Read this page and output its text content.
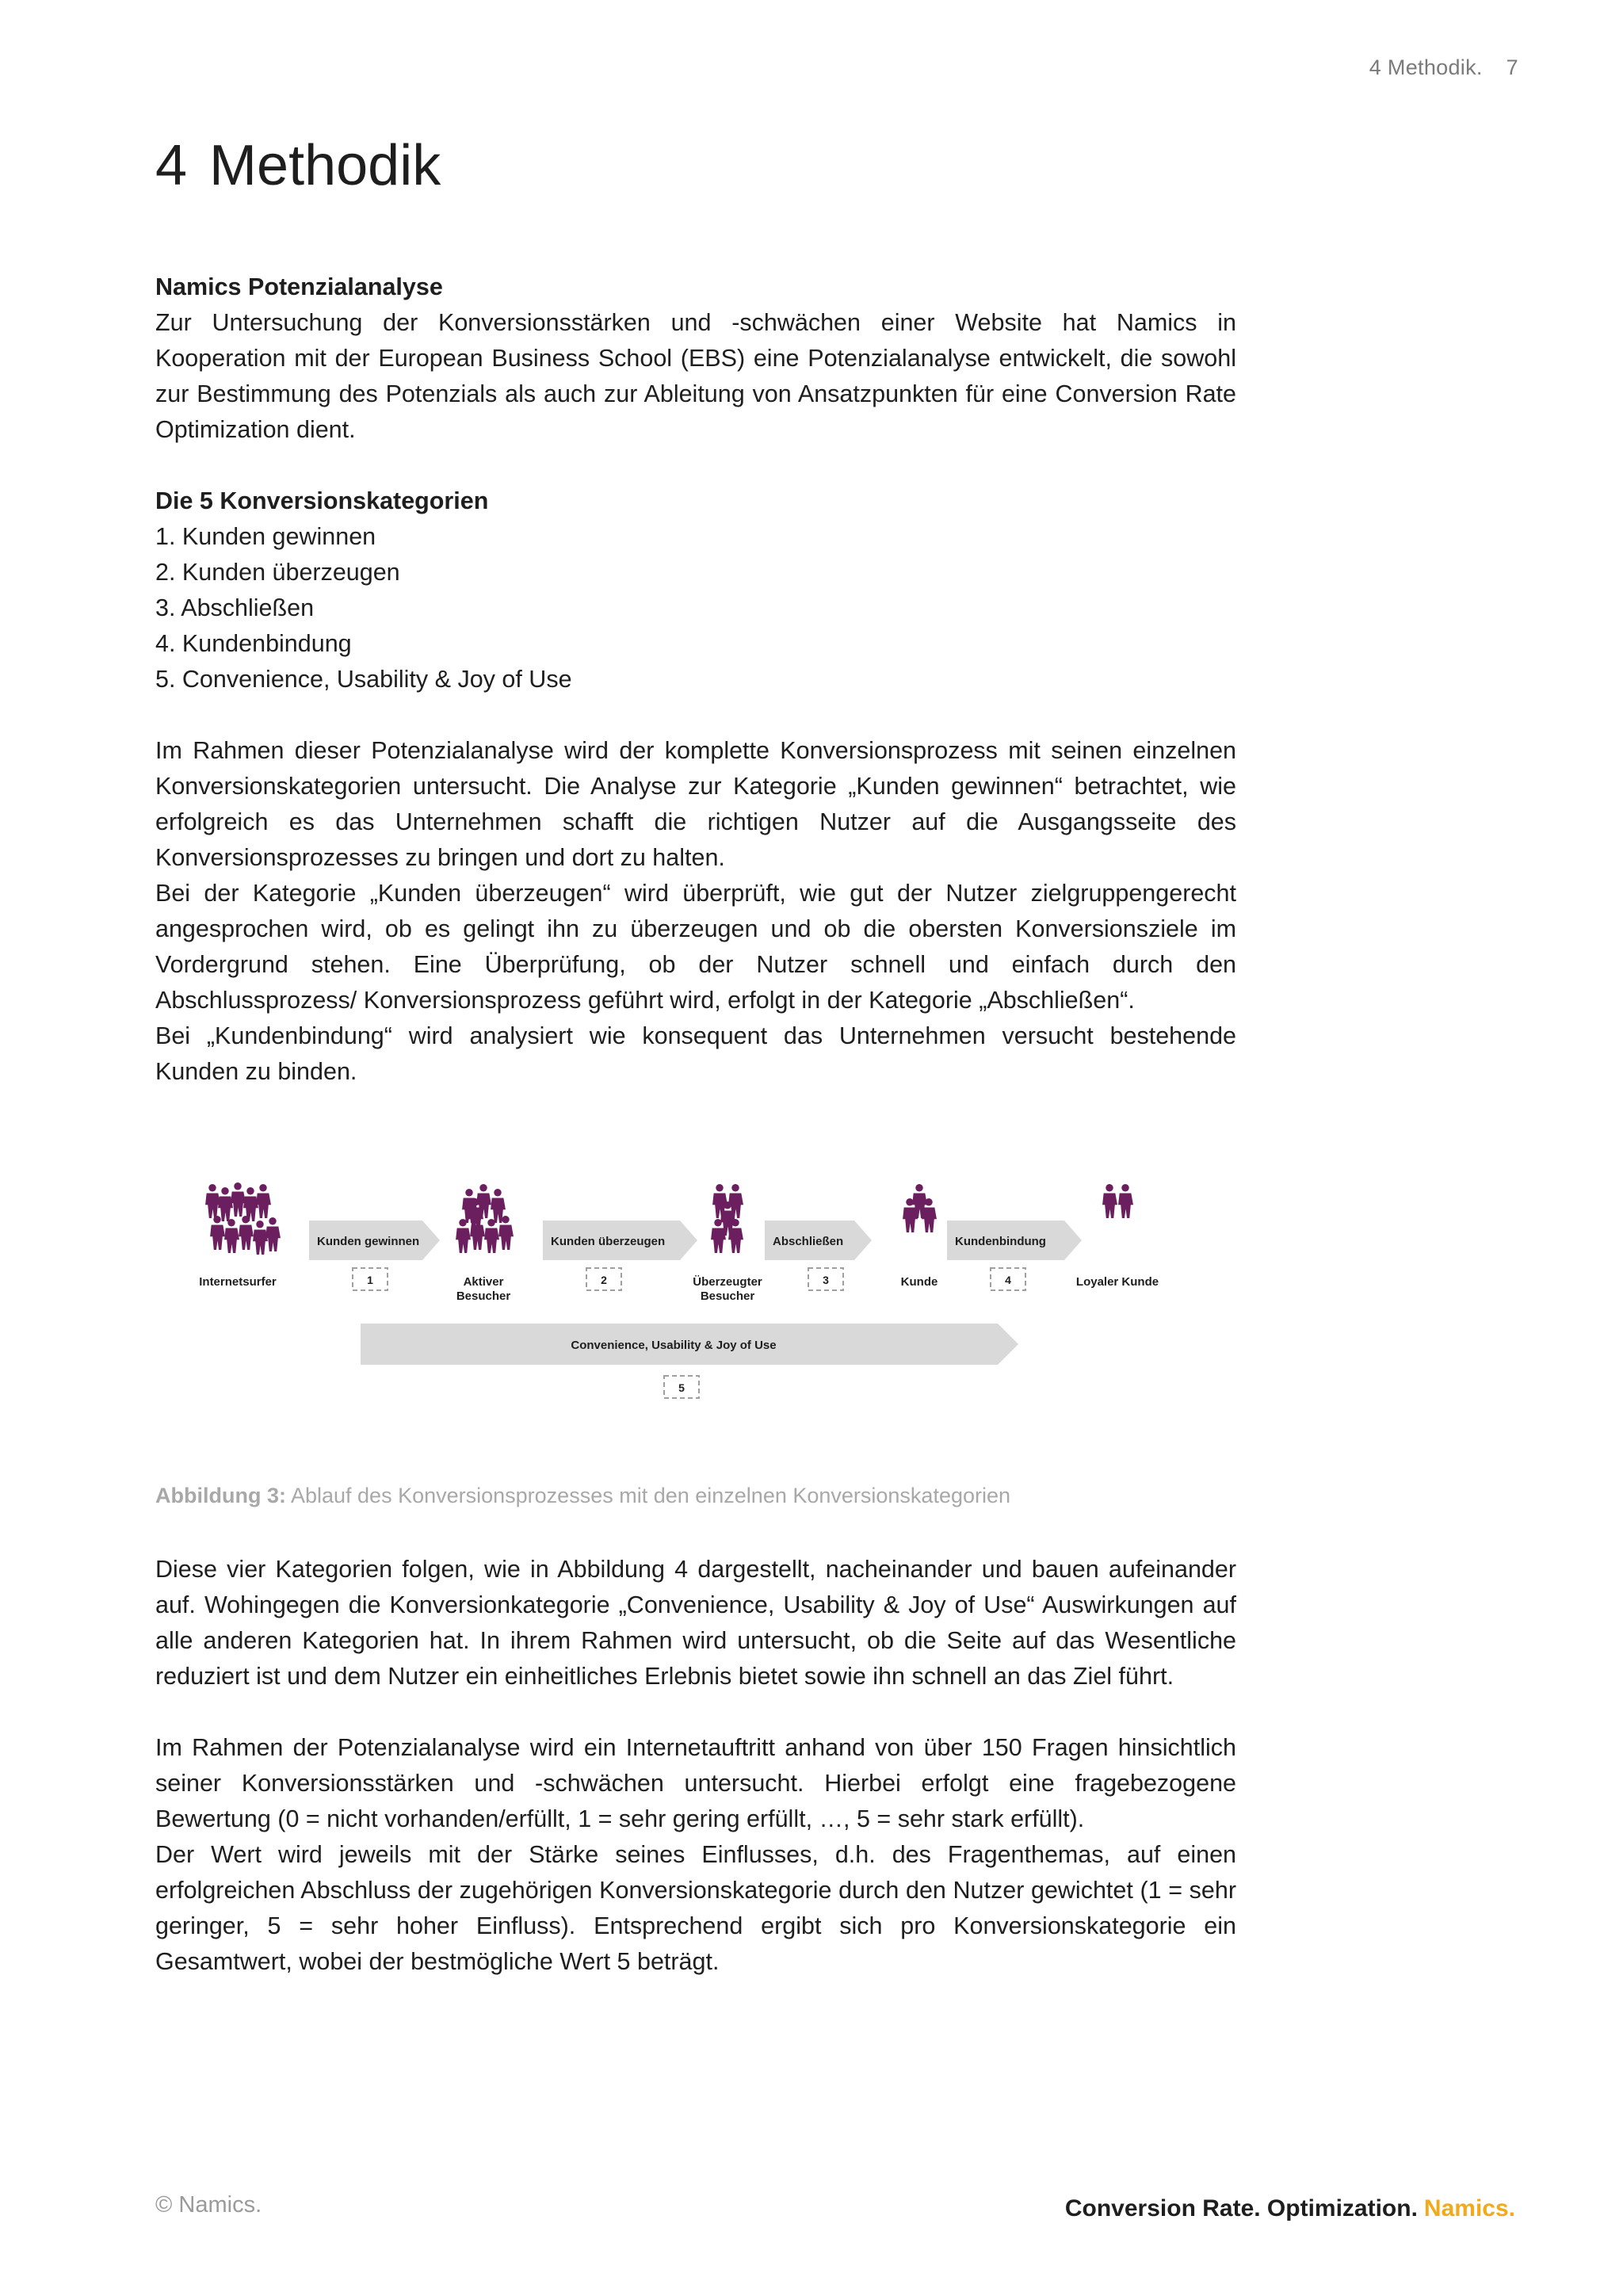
4 Methodik. 7
4 Methodik

Namics Potenzialanalyse

Zur Untersuchung der Konversionsstärken und -schwächen einer Website hat Namics in Kooperation mit der European Business School (EBS) eine Potenzialanalyse entwickelt, die sowohl zur Bestimmung des Potenzials als auch zur Ableitung von Ansatzpunkten für eine Conversion Rate Optimization dient.

Die 5 Konversionskategorien

1. Kunden gewinnen
2. Kunden überzeugen
3. Abschließen
4. Kundenbindung
5. Convenience, Usability & Joy of Use

Im Rahmen dieser Potenzialanalyse wird der komplette Konversionsprozess mit seinen einzelnen Konversionskategorien untersucht. Die Analyse zur Kategorie „Kunden gewinnen“ betrachtet, wie erfolgreich es das Unternehmen schafft die richtigen Nutzer auf die Ausgangsseite des Konversionsprozesses zu bringen und dort zu halten.

Bei der Kategorie „Kunden überzeugen“ wird überprüft, wie gut der Nutzer zielgruppengerecht angesprochen wird, ob es gelingt ihn zu überzeugen und ob die obersten Konversionsziele im Vordergrund stehen. Eine Überprüfung, ob der Nutzer schnell und einfach durch den Abschlussprozess/ Konversionsprozess geführt wird, erfolgt in der Kategorie „Abschließen“.

Bei „Kundenbindung“ wird analysiert wie konsequent das Unternehmen versucht bestehende Kunden zu binden.

Internetsurfer	Aktiver
Besucher
Überzeugter
Besucher
Kunde	Loyaler Kunde
Kunden gewinnen
1
Kunden überzeugen
2
Abschließen
3
Kundenbindung
4
Convenience, Usability & Joy of Use
5
Abbildung 3: Ablauf des Konversionsprozesses mit den einzelnen Konversionskategorien

Diese vier Kategorien folgen, wie in Abbildung 4 dargestellt, nacheinander und bauen aufeinander auf. Wohingegen die Konversionkategorie „Convenience, Usability & Joy of Use“ Auswirkungen auf alle anderen Kategorien hat. In ihrem Rahmen wird untersucht, ob die Seite auf das Wesentliche reduziert ist und dem Nutzer ein einheitliches Erlebnis bietet sowie ihn schnell an das Ziel führt.

Im Rahmen der Potenzialanalyse wird ein Internetauftritt anhand von über 150 Fragen hinsichtlich seiner Konversionsstärken und -schwächen untersucht. Hierbei erfolgt eine fragebezogene Bewertung (0 = nicht vorhanden/erfüllt, 1 = sehr gering erfüllt, …, 5 = sehr stark erfüllt).

Der Wert wird jeweils mit der Stärke seines Einflusses, d.h. des Fragenthemas, auf einen erfolgreichen Abschluss der zugehörigen Konversionskategorie durch den Nutzer gewichtet (1 = sehr geringer, 5 = sehr hoher Einfluss). Entsprechend ergibt sich pro Konversionskategorie ein Gesamtwert, wobei der bestmögliche Wert 5 beträgt.

© Namics.	Conversion Rate. Optimization. Namics.
